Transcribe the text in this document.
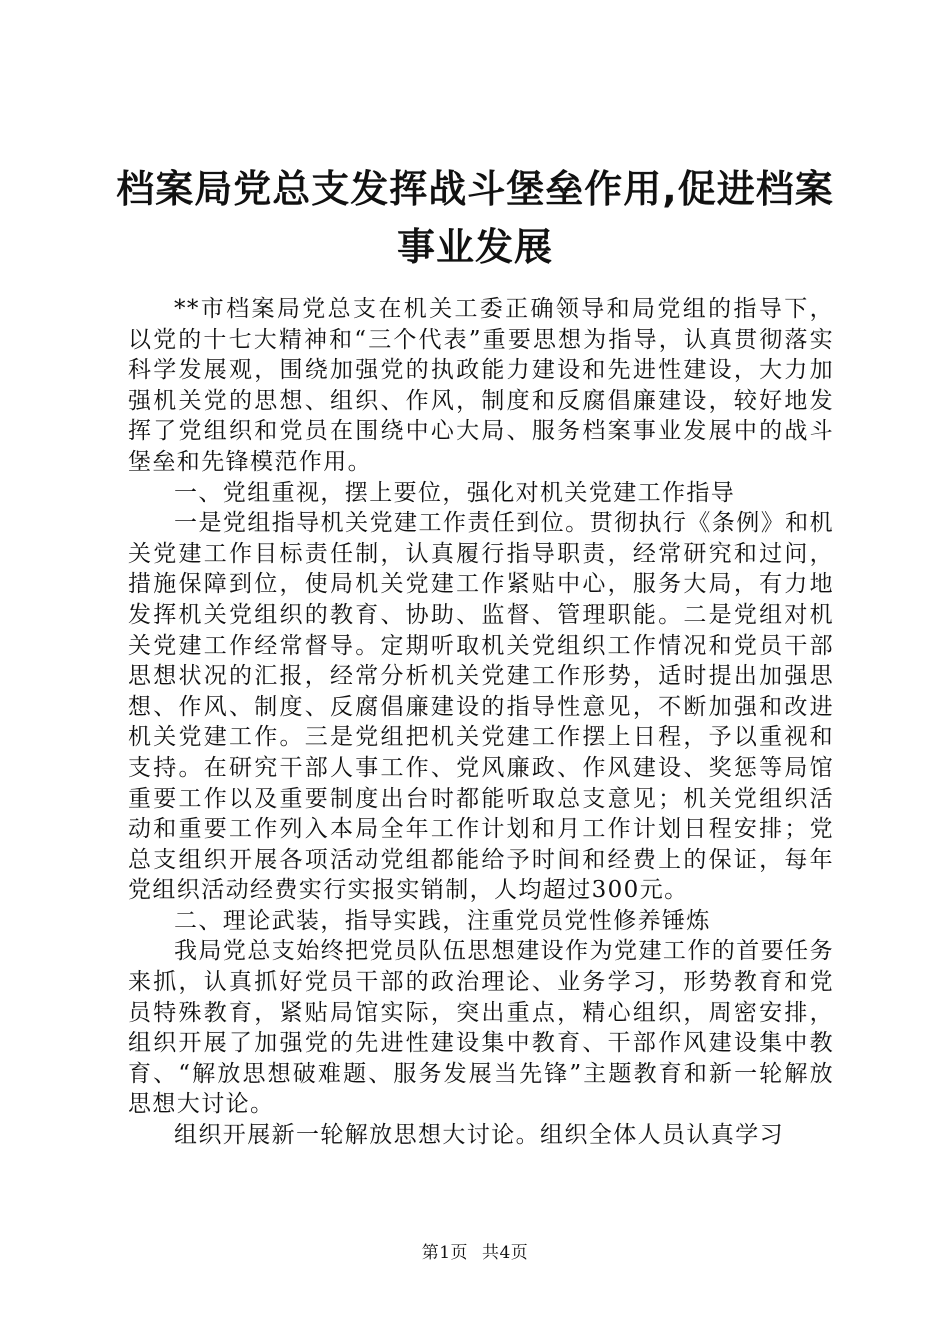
档案局党总支发挥战斗堡垒作用,促进档案事业发展

**市档案局党总支在机关工委正确领导和局党组的指导下，以党的十七大精神和“三个代表”重要思想为指导，认真贯彻落实科学发展观，围绕加强党的执政能力建设和先进性建设，大力加强机关党的思想、组织、作风，制度和反腐倡廉建设，较好地发挥了党组织和党员在围绕中心大局、服务档案事业发展中的战斗堡垒和先锋模范作用。

一、党组重视，摆上要位，强化对机关党建工作指导

一是党组指导机关党建工作责任到位。贯彻执行《条例》和机关党建工作目标责任制，认真履行指导职责，经常研究和过问，措施保障到位，使局机关党建工作紧贴中心，服务大局，有力地发挥机关党组织的教育、协助、监督、管理职能。二是党组对机关党建工作经常督导。定期听取机关党组织工作情况和党员干部思想状况的汇报，经常分析机关党建工作形势，适时提出加强思想、作风、制度、反腐倡廉建设的指导性意见，不断加强和改进机关党建工作。三是党组把机关党建工作摆上日程，予以重视和支持。在研究干部人事工作、党风廉政、作风建设、奖惩等局馆重要工作以及重要制度出台时都能听取总支意见；机关党组织活动和重要工作列入本局全年工作计划和月工作计划日程安排；党总支组织开展各项活动党组都能给予时间和经费上的保证，每年党组织活动经费实行实报实销制，人均超过300元。

二、理论武装，指导实践，注重党员党性修养锤炼

我局党总支始终把党员队伍思想建设作为党建工作的首要任务来抓，认真抓好党员干部的政治理论、业务学习，形势教育和党员特殊教育，紧贴局馆实际，突出重点，精心组织，周密安排，组织开展了加强党的先进性建设集中教育、干部作风建设集中教育、“解放思想破难题、服务发展当先锋”主题教育和新一轮解放思想大讨论。

组织开展新一轮解放思想大讨论。组织全体人员认真学习

第1页 共4页
